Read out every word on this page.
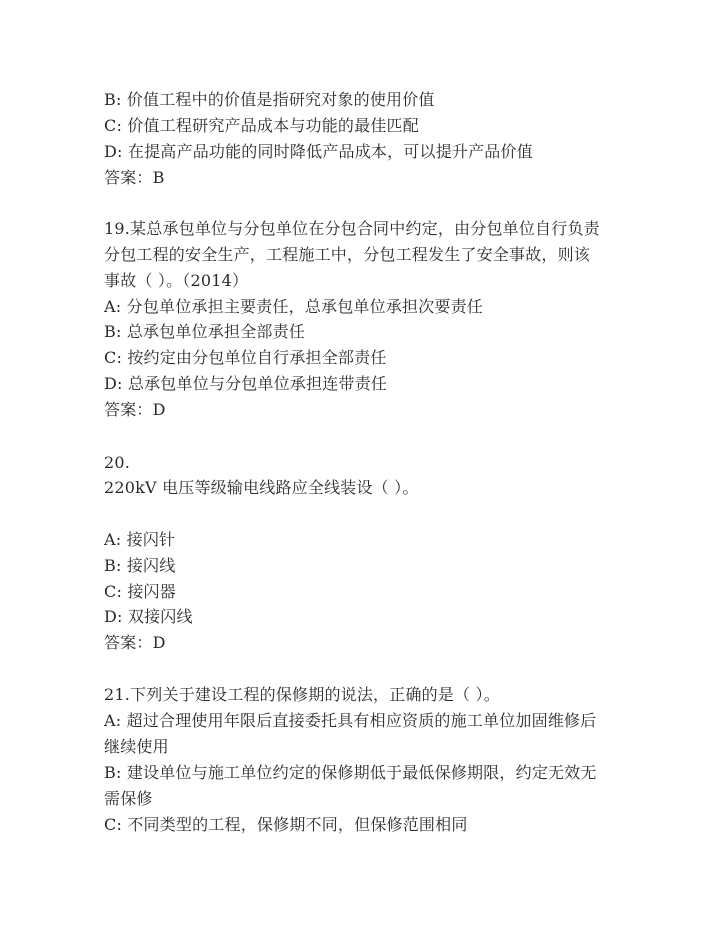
B: 价值工程中的价值是指研究对象的使用价值
C: 价值工程研究产品成本与功能的最佳匹配
D: 在提高产品功能的同时降低产品成本，可以提升产品价值
答案：B
19.某总承包单位与分包单位在分包合同中约定，由分包单位自行负责
分包工程的安全生产，工程施工中，分包工程发生了安全事故，则该
事故（ ）。（2014）
A: 分包单位承担主要责任，总承包单位承担次要责任
B: 总承包单位承担全部责任
C: 按约定由分包单位自行承担全部责任
D: 总承包单位与分包单位承担连带责任
答案：D
20.
220kV 电压等级输电线路应全线装设（ ）。
A: 接闪针
B: 接闪线
C: 接闪器
D: 双接闪线
答案：D
21.下列关于建设工程的保修期的说法，正确的是（ ）。
A: 超过合理使用年限后直接委托具有相应资质的施工单位加固维修后
继续使用
B: 建设单位与施工单位约定的保修期低于最低保修期限，约定无效无
需保修
C: 不同类型的工程，保修期不同，但保修范围相同
